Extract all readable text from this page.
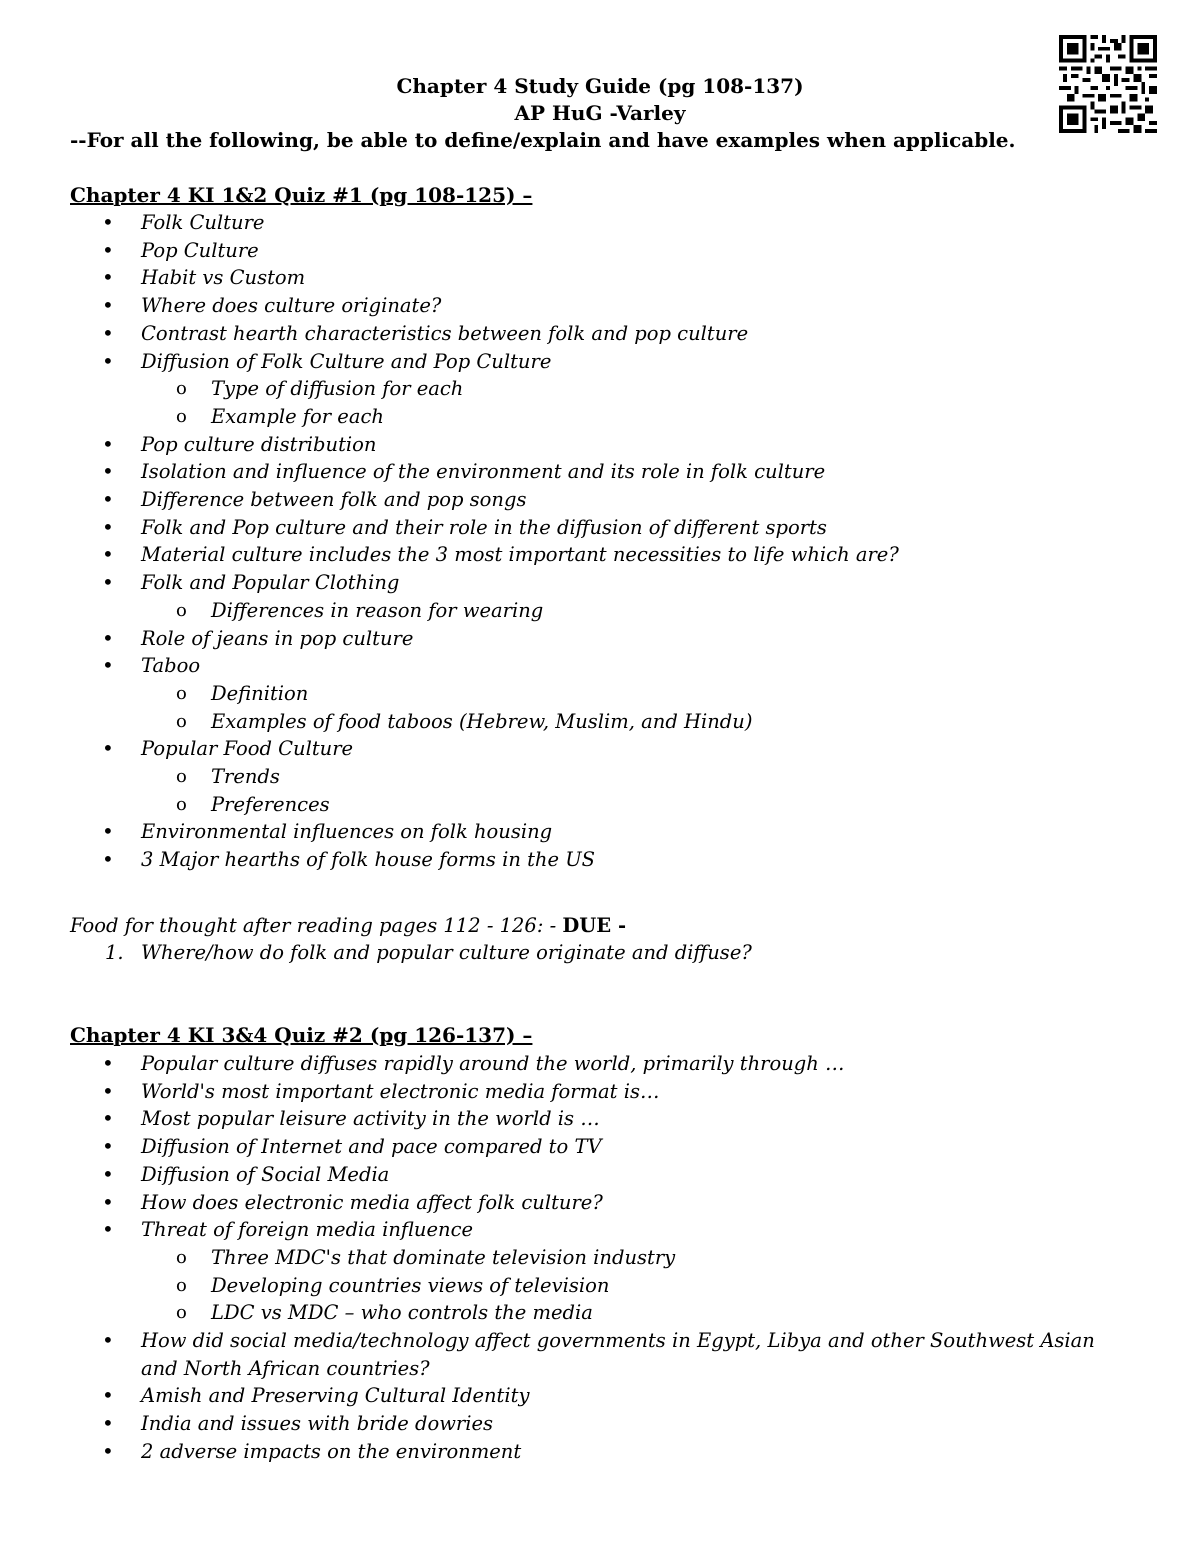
Chapter 4 Study Guide (pg 108-137)
AP HuG -Varley
--For all the following, be able to define/explain and have examples when applicable.
Chapter 4 KI 1&2 Quiz #1 (pg 108-125) –
• Folk Culture
• Pop Culture
• Habit vs Custom
• Where does culture originate?
• Contrast hearth characteristics between folk and pop culture
• Diffusion of Folk Culture and Pop Culture
o Type of diffusion for each
o Example for each
• Pop culture distribution
• Isolation and influence of the environment and its role in folk culture
• Difference between folk and pop songs
• Folk and Pop culture and their role in the diffusion of different sports
• Material culture includes the 3 most important necessities to life which are?
• Folk and Popular Clothing
o Differences in reason for wearing
• Role of jeans in pop culture
• Taboo
o Definition
o Examples of food taboos (Hebrew, Muslim, and Hindu)
• Popular Food Culture
o Trends
o Preferences
• Environmental influences on folk housing
• 3 Major hearths of folk house forms in the US
Food for thought after reading pages 112 - 126: - DUE -
1. Where/how do folk and popular culture originate and diffuse?
Chapter 4 KI 3&4 Quiz #2 (pg 126-137) –
• Popular culture diffuses rapidly around the world, primarily through …
• World's most important electronic media format is…
• Most popular leisure activity in the world is …
• Diffusion of Internet and pace compared to TV
• Diffusion of Social Media
• How does electronic media affect folk culture?
• Threat of foreign media influence
o Three MDC's that dominate television industry
o Developing countries views of television
o LDC vs MDC – who controls the media
• How did social media/technology affect governments in Egypt, Libya and other Southwest Asian and North African countries?
• Amish and Preserving Cultural Identity
• India and issues with bride dowries
• 2 adverse impacts on the environment
